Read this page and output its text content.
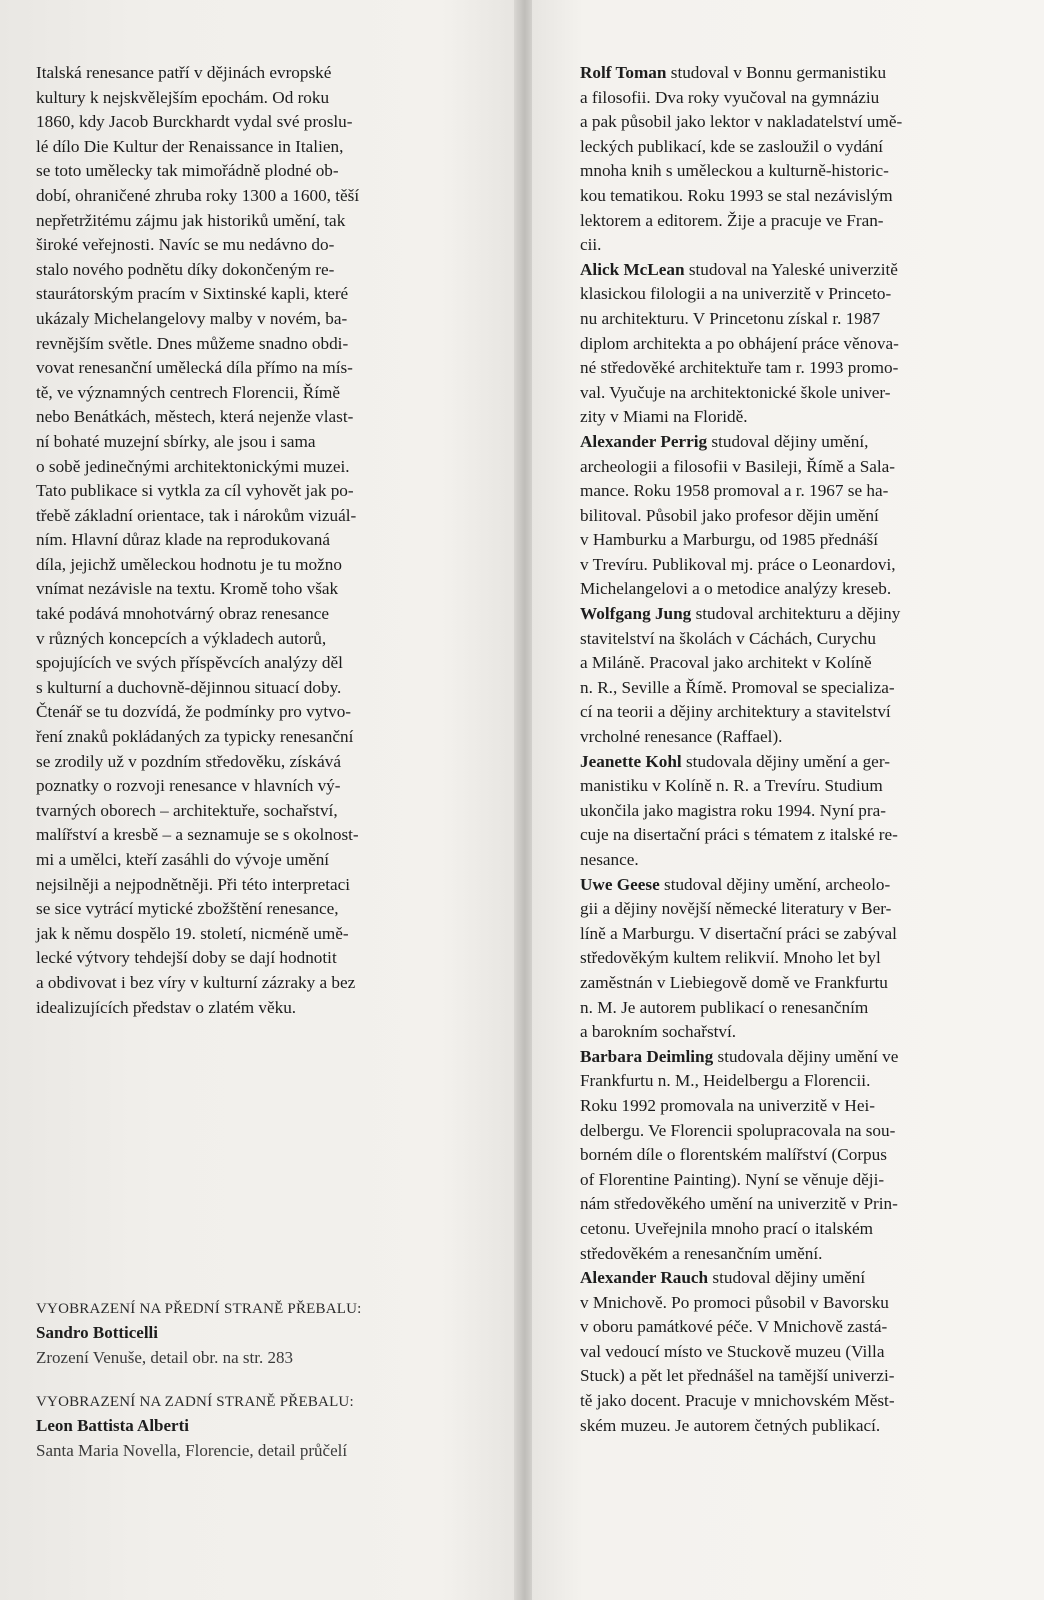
Italská renesance patří v dějinách evropské
kultury k nejskvělejším epochám. Od roku
1860, kdy Jacob Burckhardt vydal své proslu-
lé dílo Die Kultur der Renaissance in Italien,
se toto umělecky tak mimořádně plodné ob-
dobí, ohraničené zhruba roky 1300 a 1600, těší
nepřetržitému zájmu jak historiků umění, tak
široké veřejnosti. Navíc se mu nedávno do-
stalo nového podnětu díky dokončeným re-
staurátorským pracím v Sixtinské kapli, které
ukázaly Michelangelovy malby v novém, ba-
revnějším světle. Dnes můžeme snadno obdi-
vovat renesanční umělecká díla přímo na mís-
tě, ve významných centrech Florencii, Římě
nebo Benátkách, městech, která nejenže vlast-
ní bohaté muzejní sbírky, ale jsou i sama
o sobě jedinečnými architektonickými muzei.
Tato publikace si vytkla za cíl vyhovět jak po-
třebě základní orientace, tak i nárokům vizuál-
ním. Hlavní důraz klade na reprodukovaná
díla, jejichž uměleckou hodnotu je tu možno
vnímat nezávisle na textu. Kromě toho však
také podává mnohotvárný obraz renesance
v různých koncepcích a výkladech autorů,
spojujících ve svých příspěvcích analýzy děl
s kulturní a duchovně-dějinnou situací doby.
Čtenář se tu dozvídá, že podmínky pro vytvo-
ření znaků pokládaných za typicky renesanční
se zrodily už v pozdním středověku, získává
poznatky o rozvoji renesance v hlavních vý-
tvarných oborech – architektuře, sochařství,
malířství a kresbě – a seznamuje se s okolnost-
mi a umělci, kteří zasáhli do vývoje umění
nejsilněji a nejpodnětněji. Při této interpretaci
se sice vytrácí mytické zbožštění renesance,
jak k němu dospělo 19. století, nicméně umě-
lecké výtvory tehdejší doby se dají hodnotit
a obdivovat i bez víry v kulturní zázraky a bez
idealizujících představ o zlatém věku.

VYOBRAZENÍ NA PŘEDNÍ STRANĚ PŘEBALU:
Sandro Botticelli
Zrození Venuše, detail obr. na str. 283
VYOBRAZENÍ NA ZADNÍ STRANĚ PŘEBALU:
Leon Battista Alberti
Santa Maria Novella, Florencie, detail průčelí

Rolf Toman studoval v Bonnu germanistiku
a filosofii. Dva roky vyučoval na gymnáziu
a pak působil jako lektor v nakladatelství umě-
leckých publikací, kde se zasloužil o vydání
mnoha knih s uměleckou a kulturně-historic-
kou tematikou. Roku 1993 se stal nezávislým
lektorem a editorem. Žije a pracuje ve Fran-
cii.

Alick McLean studoval na Yaleské univerzitě
klasickou filologii a na univerzitě v Princeto-
nu architekturu. V Princetonu získal r. 1987
diplom architekta a po obhájení práce věnova-
né středověké architektuře tam r. 1993 promo-
val. Vyučuje na architektonické škole univer-
zity v Miami na Floridě.

Alexander Perrig studoval dějiny umění,
archeologii a filosofii v Basileji, Římě a Sala-
mance. Roku 1958 promoval a r. 1967 se ha-
bilitoval. Působil jako profesor dějin umění
v Hamburku a Marburgu, od 1985 přednáší
v Trevíru. Publikoval mj. práce o Leonardovi,
Michelangelovi a o metodice analýzy kreseb.

Wolfgang Jung studoval architekturu a dějiny
stavitelství na školách v Cáchách, Curychu
a Miláně. Pracoval jako architekt v Kolíně
n. R., Seville a Římě. Promoval se specializa-
cí na teorii a dějiny architektury a stavitelství
vrcholné renesance (Raffael).

Jeanette Kohl studovala dějiny umění a ger-
manistiku v Kolíně n. R. a Trevíru. Studium
ukončila jako magistra roku 1994. Nyní pra-
cuje na disertační práci s tématem z italské re-
nesance.

Uwe Geese studoval dějiny umění, archeolo-
gii a dějiny novější německé literatury v Ber-
líně a Marburgu. V disertační práci se zabýval
středověkým kultem relikvií. Mnoho let byl
zaměstnán v Liebiegově domě ve Frankfurtu
n. M. Je autorem publikací o renesančním
a barokním sochařství.

Barbara Deimling studovala dějiny umění ve
Frankfurtu n. M., Heidelbergu a Florencii.
Roku 1992 promovala na univerzitě v Hei-
delbergu. Ve Florencii spolupracovala na sou-
borném díle o florentském malířství (Corpus
of Florentine Painting). Nyní se věnuje ději-
nám středověkého umění na univerzitě v Prin-
cetonu. Uveřejnila mnoho prací o italském
středověkém a renesančním umění.

Alexander Rauch studoval dějiny umění
v Mnichově. Po promoci působil v Bavorsku
v oboru památkové péče. V Mnichově zastá-
val vedoucí místo ve Stuckově muzeu (Villa
Stuck) a pět let přednášel na tamější univerzi-
tě jako docent. Pracuje v mnichovském Měst-
ském muzeu. Je autorem četných publikací.
